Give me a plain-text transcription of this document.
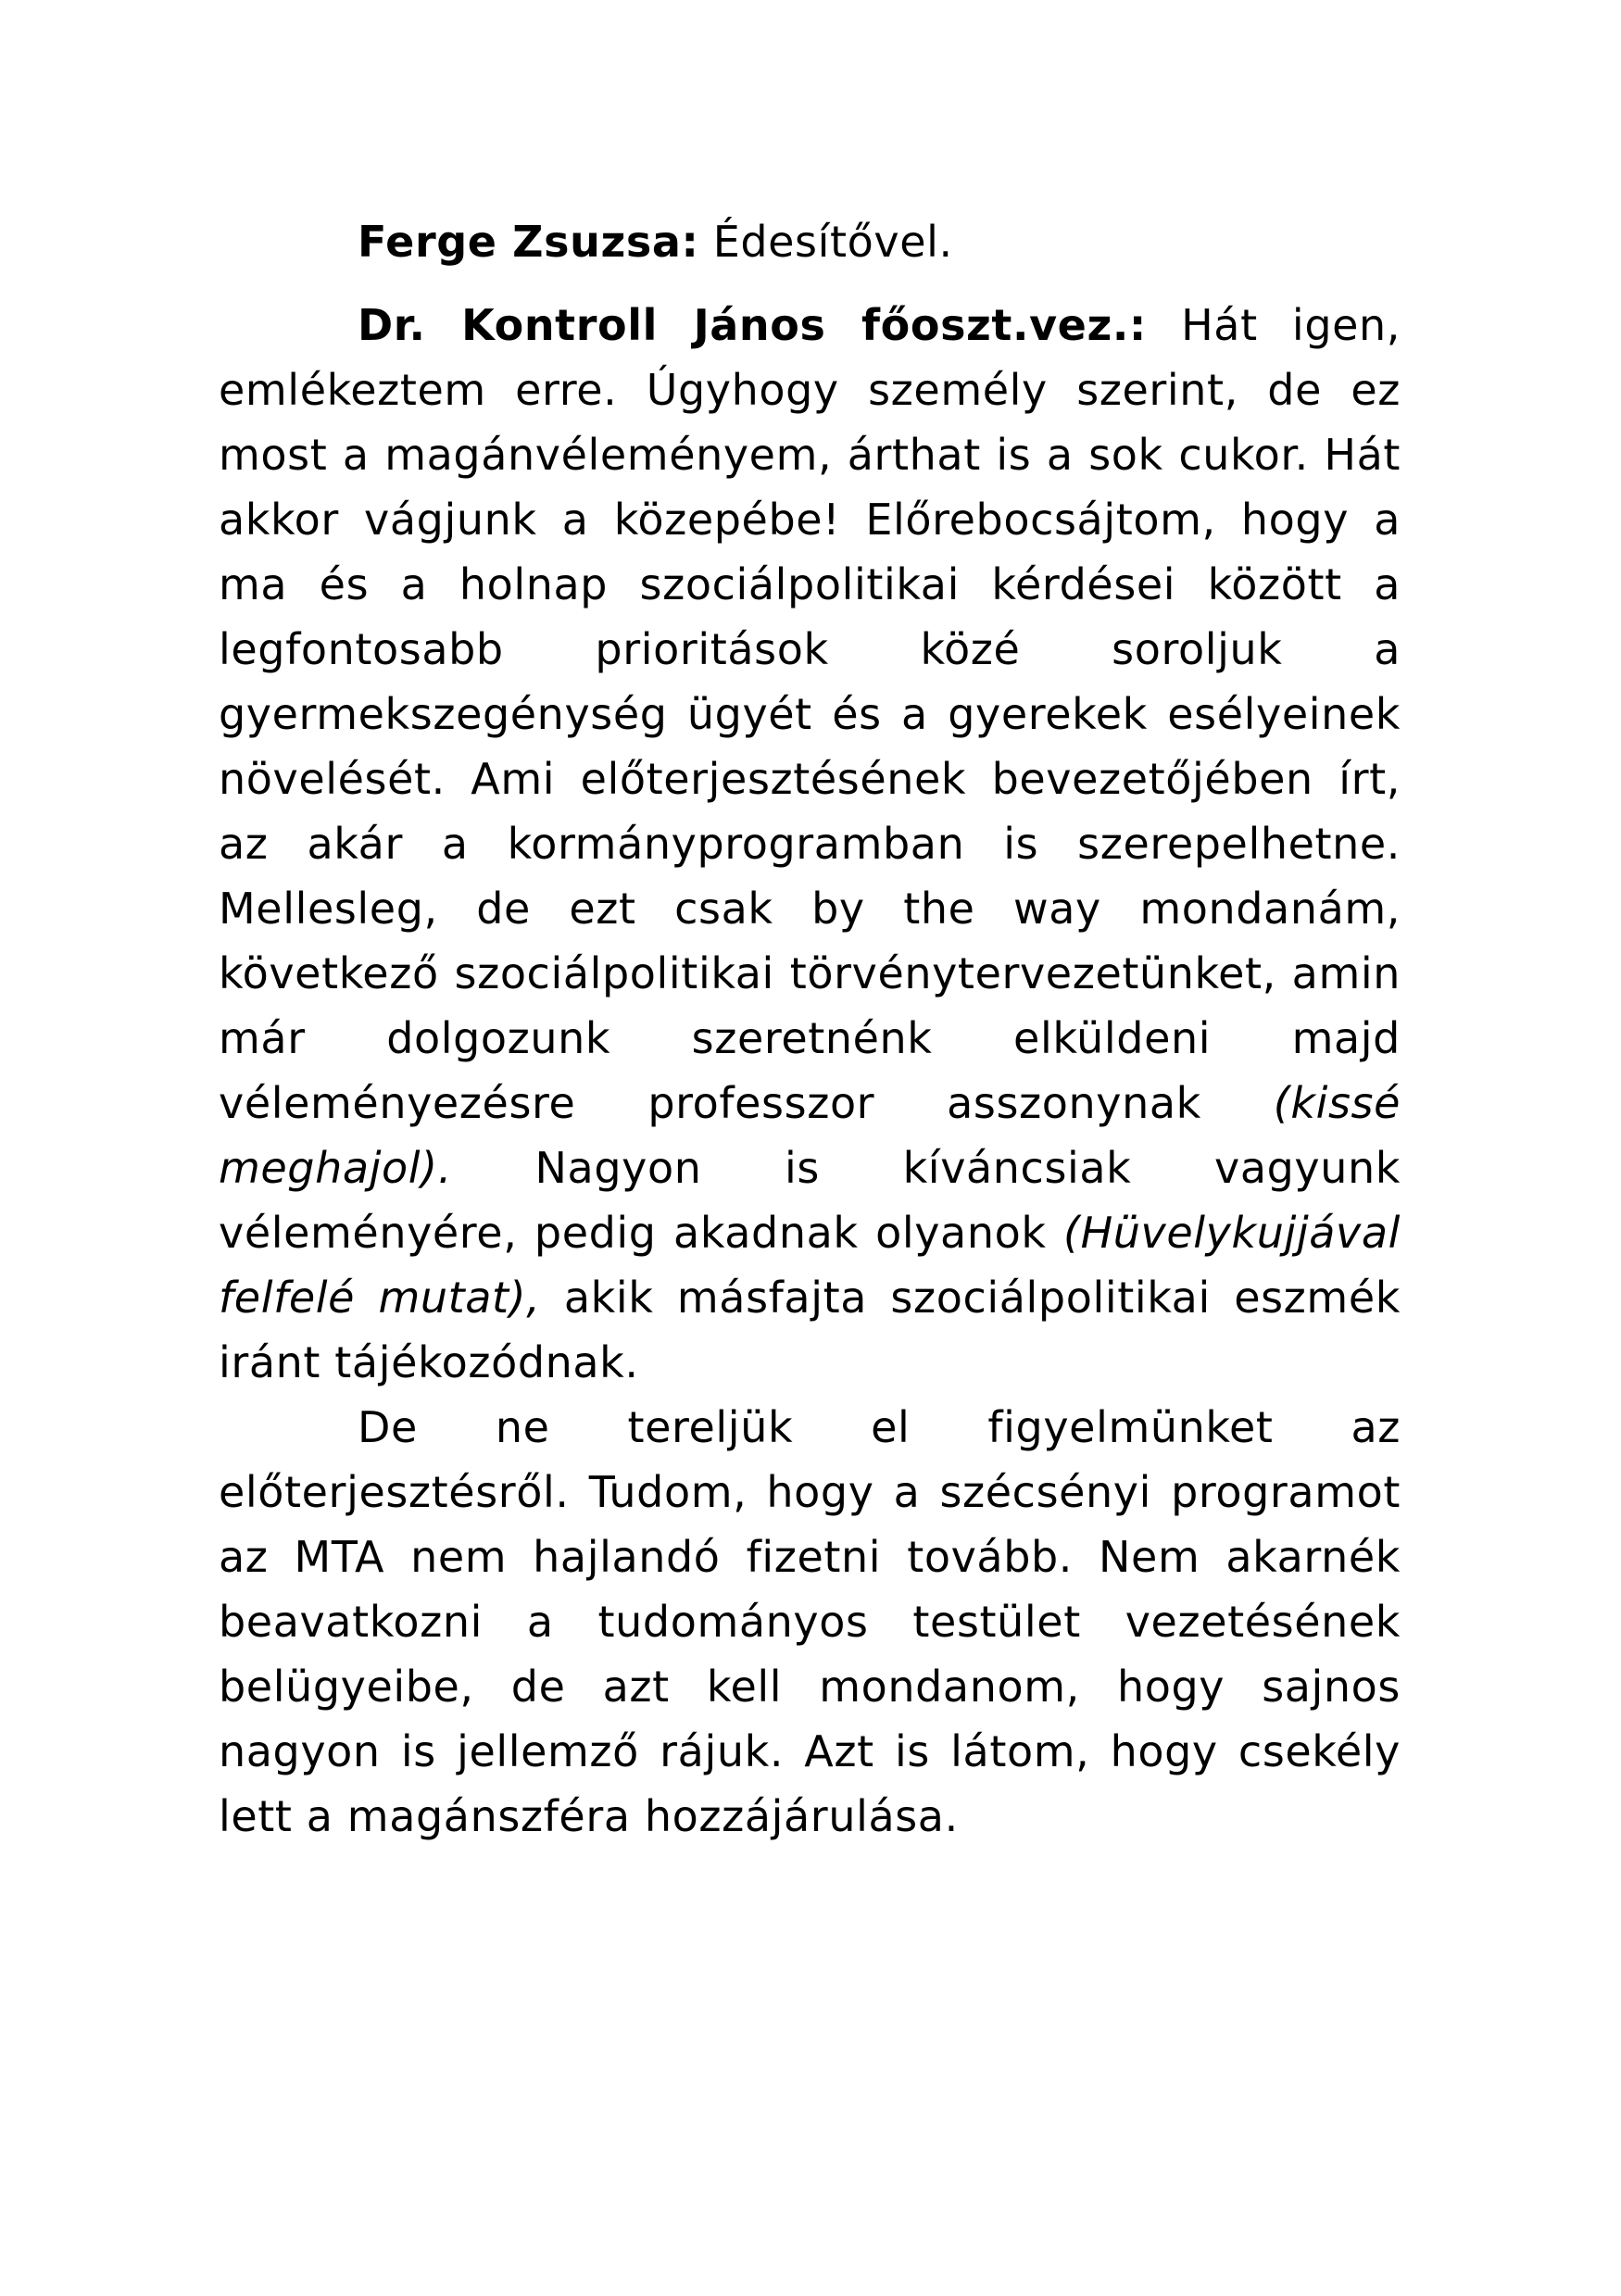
Ferge Zsuzsa: Édesítővel.

Dr. Kontroll János főoszt.vez.: Hát igen, emlékeztem erre. Úgyhogy személy szerint, de ez most a magánvéleményem, árthat is a sok cukor. Hát akkor vágjunk a közepébe! Előrebocsájtom, hogy a ma és a holnap szociálpolitikai kérdései között a legfontosabb prioritások közé soroljuk a gyermekszegénység ügyét és a gyerekek esélyeinek növelését. Ami előterjesztésének bevezetőjében írt, az akár a kormányprogramban is szerepelhetne. Mellesleg, de ezt csak by the way mondanám, következő szociálpolitikai törvénytervezetünket, amin már dolgozunk szeretnénk elküldeni majd véleményezésre professzor asszonynak (kissé meghajol). Nagyon is kíváncsiak vagyunk véleményére, pedig akadnak olyanok (Hüvelykujjával felfelé mutat), akik másfajta szociálpolitikai eszmék iránt tájékozódnak.

De ne tereljük el figyelmünket az előterjesztésről. Tudom, hogy a szécsényi programot az MTA nem hajlandó fizetni tovább. Nem akarnék beavatkozni a tudományos testület vezetésének belügyeibe, de azt kell mondanom, hogy sajnos nagyon is jellemző rájuk. Azt is látom, hogy csekély lett a magánszféra hozzájárulása.
